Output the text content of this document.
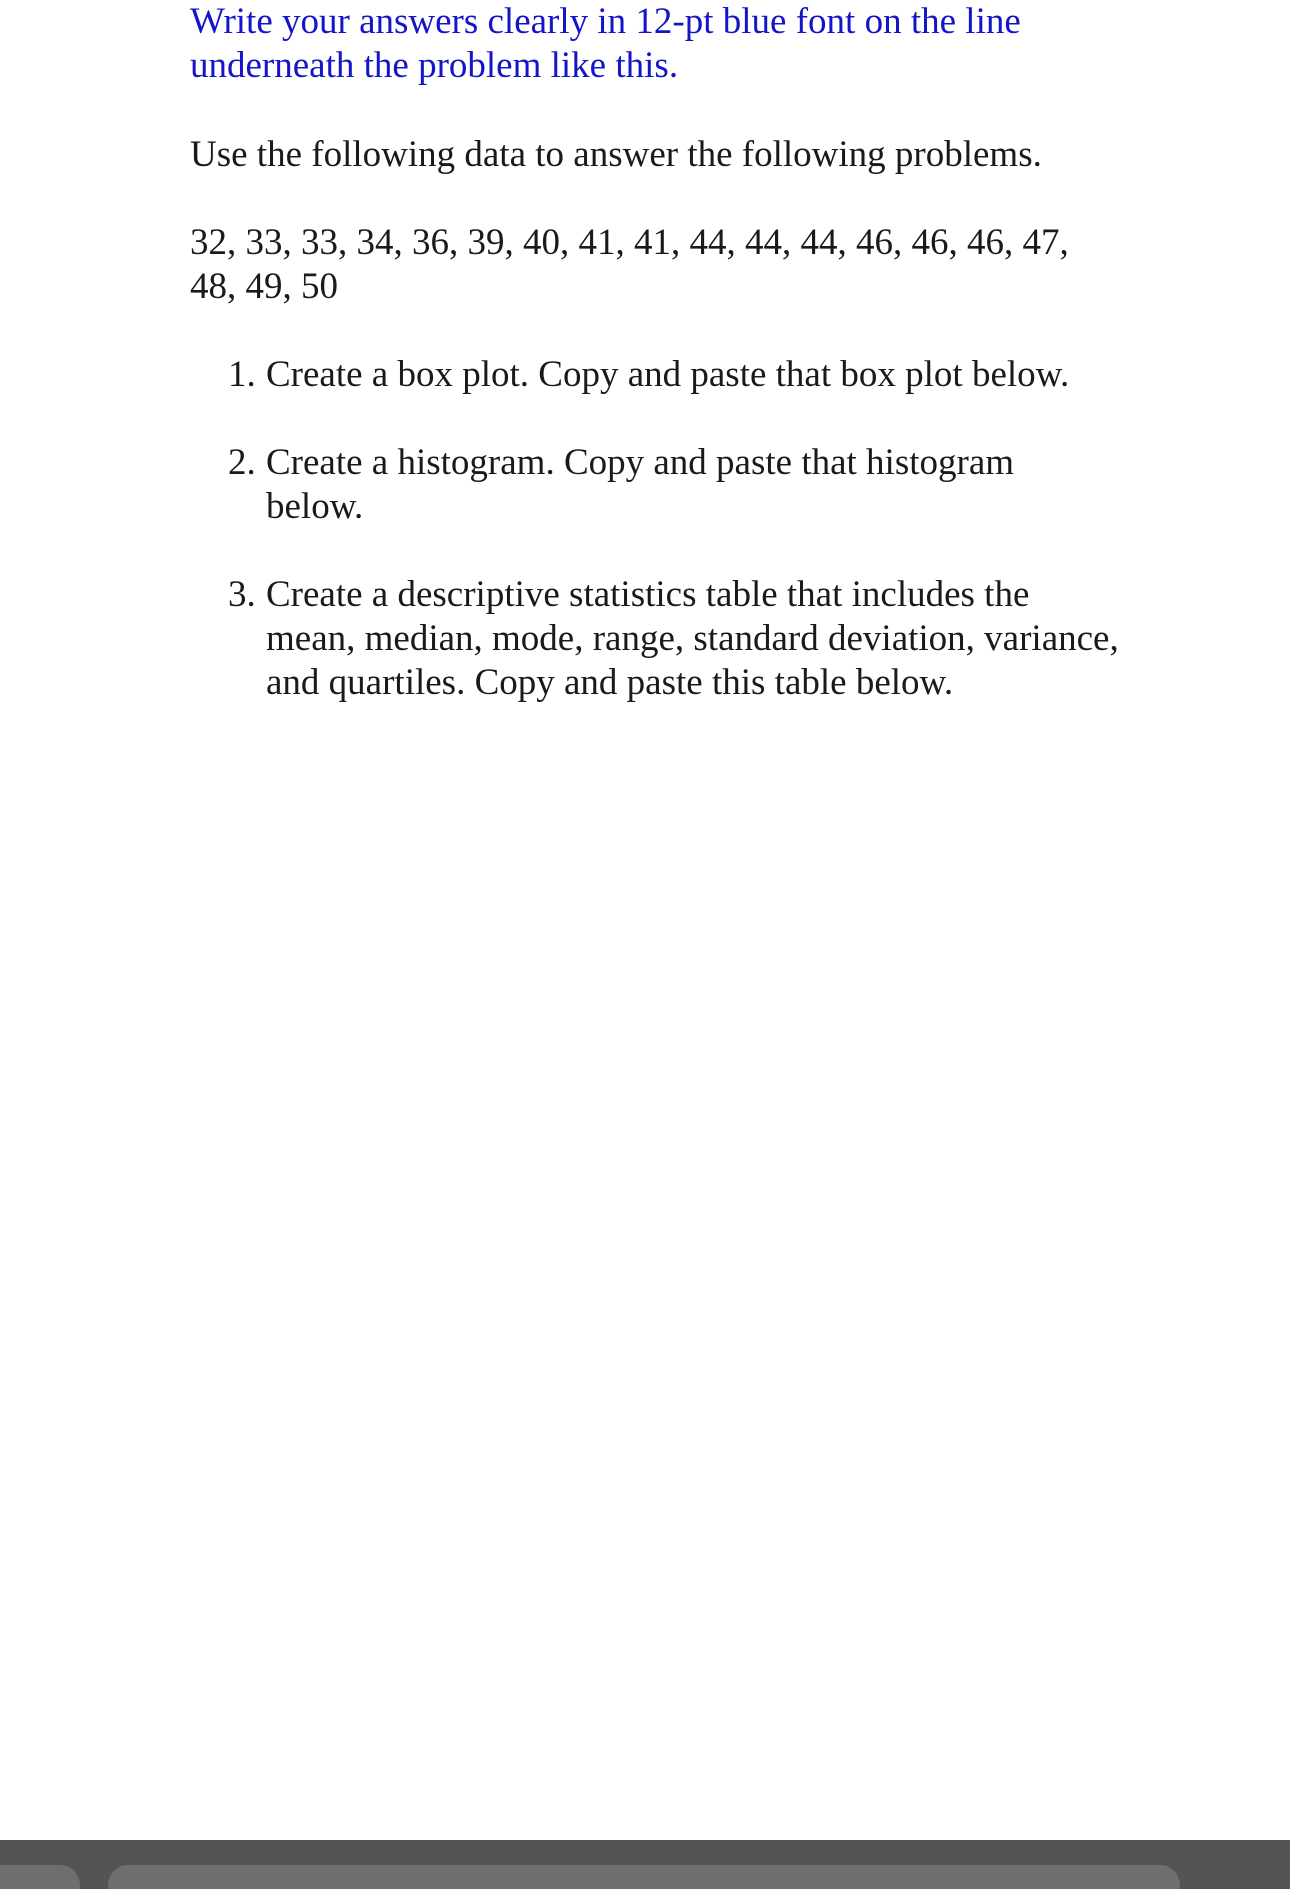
Write your answers clearly in 12-pt blue font on the line
underneath the problem like this.

Use the following data to answer the following problems.

32, 33, 33, 34, 36, 39, 40, 41, 41, 44, 44, 44, 46, 46, 46, 47,
48, 49, 50

1. Create a box plot. Copy and paste that box plot below.
2. Create a histogram. Copy and paste that histogram below.
3. Create a descriptive statistics table that includes the mean, median, mode, range, standard deviation, variance, and quartiles. Copy and paste this table below.
